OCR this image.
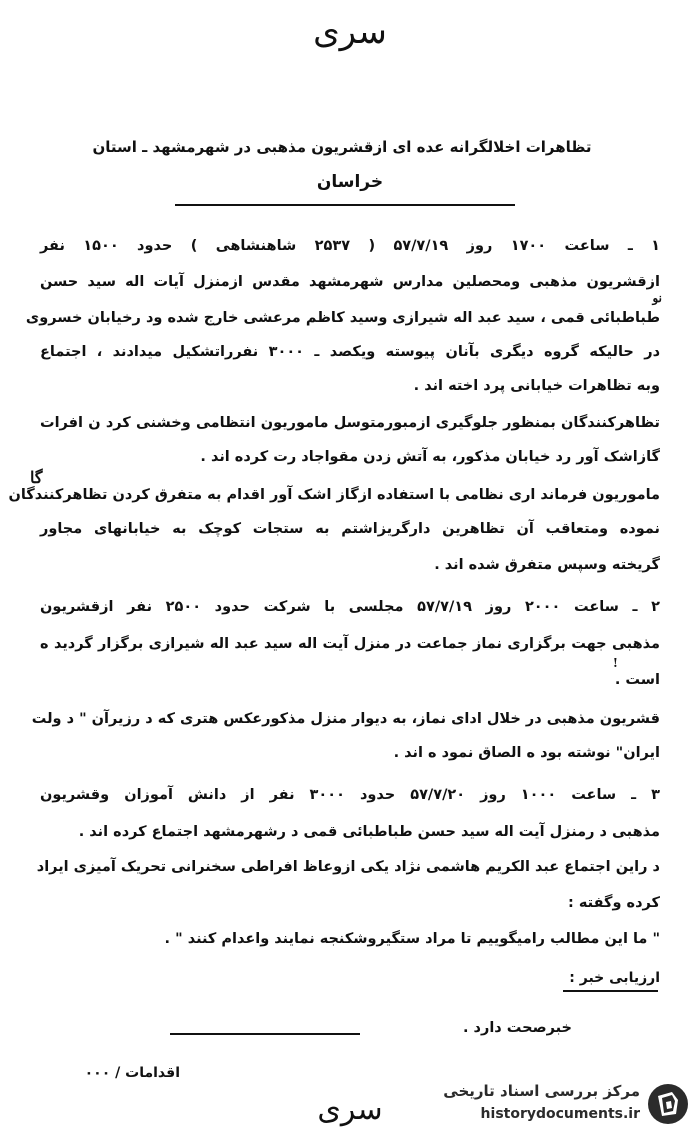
سری
تظاهرات اخلالگرانه عده ای ازقشریون مذهبی در شهرمشهد ـ استان
خراسان
۱ ـ ساعت ۱۷۰۰ روز ۵۷/۷/۱۹ ( ۲۵۳۷ شاهنشاهی ) حدود ۱۵۰۰ نفر
ازقشریون مذهبی ومحصلین مدارس شهرمشهد مقدس ازمنزل آیات اله سید حسن
نو
طباطبائی قمی ، سید عبد اله شیرازی وسید کاظم مرعشی خارج شده ود رخیابان خسروی
در حالیکه گروه دیگری بآنان پیوسته ویکصد ـ ۳۰۰۰ نفرراتشکیل میدادند ، اجتماع
وبه تظاهرات خیابانی پرد اخته اند .
تظاهرکنندگان بمنظور جلوگیری ازمبورمتوسل ماموریون انتظامی وخشنی کرد ن افرات
گازاشک آور رد خیابان مذکور، به آتش زدن مقواجاد رت کرده اند .
گا
ماموریون فرماند اری نظامی با استفاده ازگاز اشک آور اقدام به متفرق کردن تظاهرکنندگان
نموده ومتعاقب آن تظاهرین دارگریزاشتم به ستجات کوچک به خیابانهای مجاور
گریخته وسپس متفرق شده اند .
۲ ـ ساعت ۲۰۰۰ روز ۵۷/۷/۱۹ مجلسی با شرکت حدود ۲۵۰۰ نفر ازقشریون
مذهبی جهت برگزاری نماز جماعت در منزل آیت اله سید عبد اله شیرازی برگزار گردید ه
!
است .
قشریون مذهبی در خلال ادای نماز، به دیوار منزل مذکورعکس هتری که د رزیرآن " د ولت
ایران" نوشته بود ه الصاق نمود ه اند .
۳ ـ ساعت ۱۰۰۰ روز ۵۷/۷/۲۰ حدود ۳۰۰۰ نفر از دانش آموزان وقشریون
مذهبی د رمنزل آیت اله سید حسن طباطبائی قمی د رشهرمشهد اجتماع کرده اند .
د راین اجتماع عبد الکریم هاشمی نژاد یکی ازوعاظ افراطی سخنرانی تحریک آمیزی ایراد
کرده وگفته :
" ما این مطالب رامیگوییم تا مراد ستگیروشکنجه نمایند واعدام کنند " .
ارزیابی خبر :
خبرصحت دارد .
اقدامات / ۰۰۰
سری
مرکز بررسی اسناد تاریخی
historydocuments.ir
